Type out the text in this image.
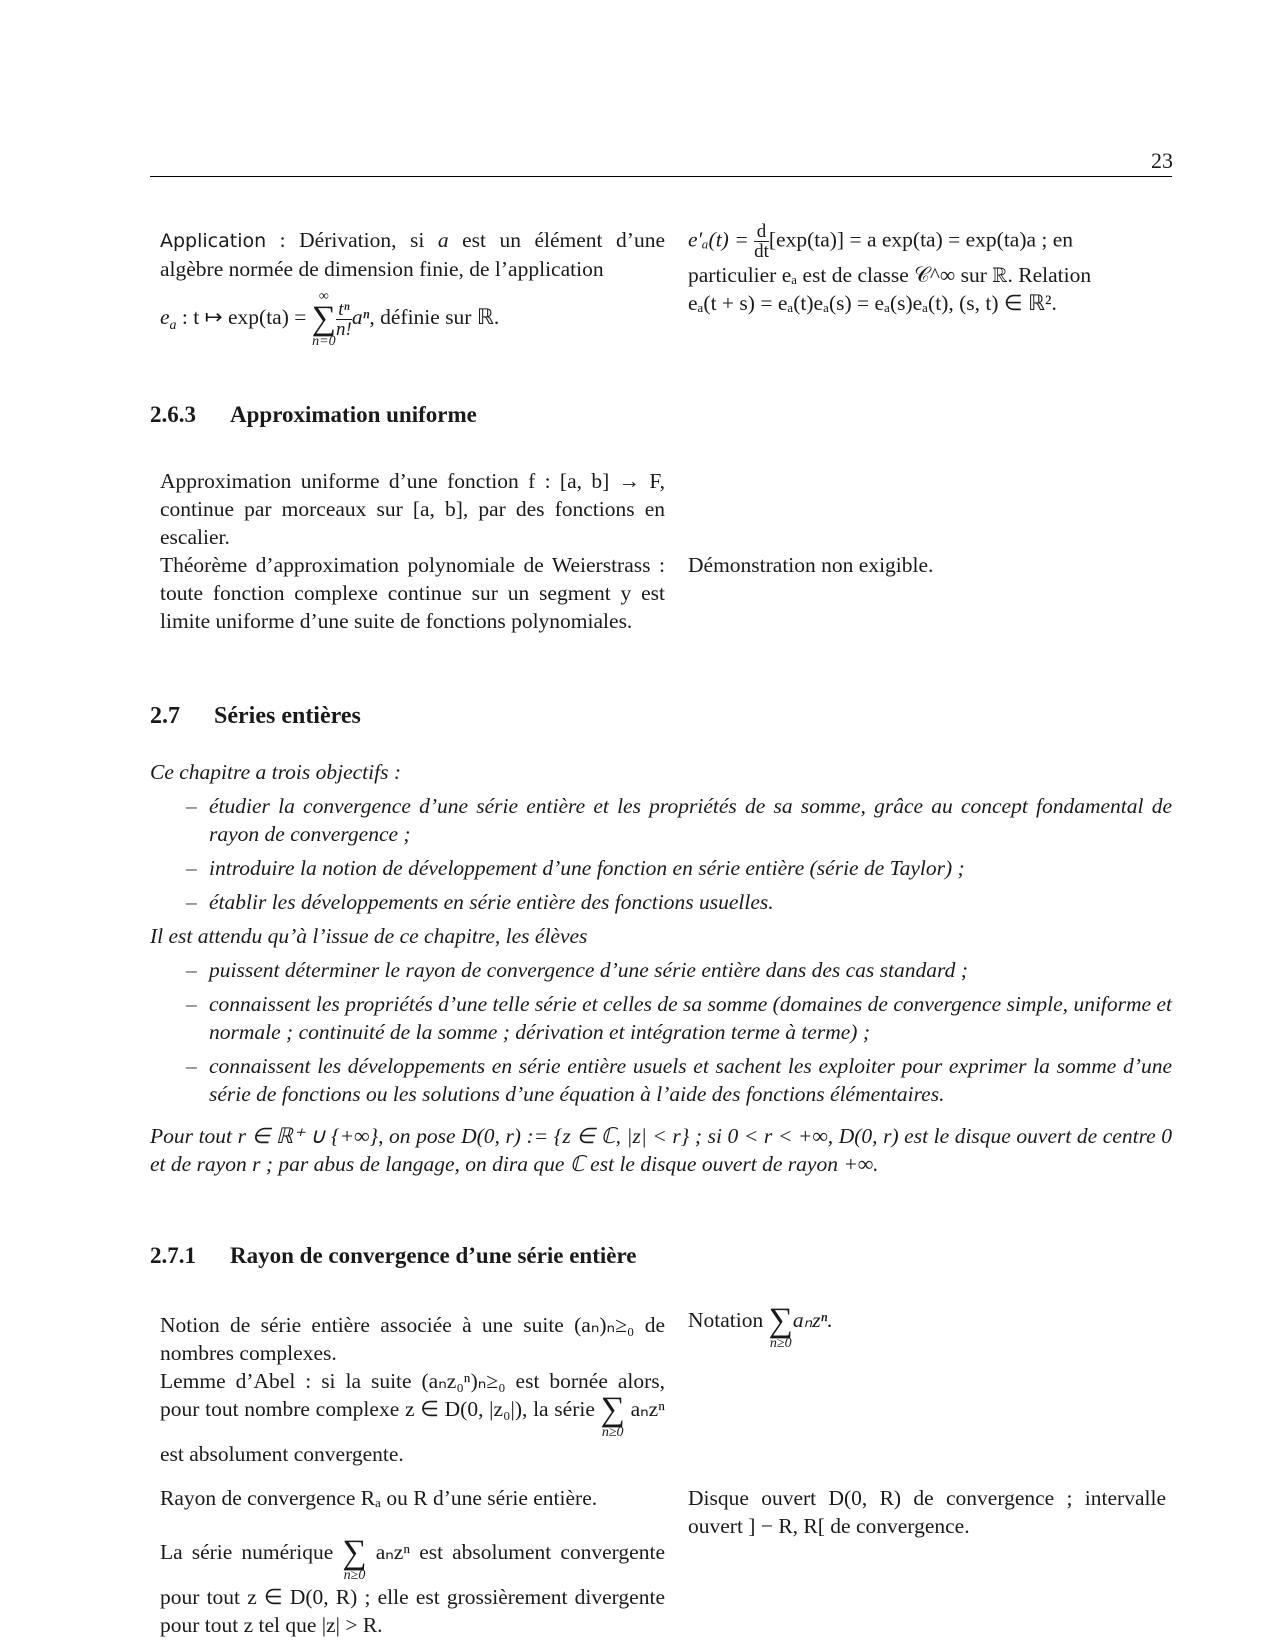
23
Application : Dérivation, si a est un élément d’une algèbre normée de dimension finie, de l’application
$e_a$ : t ↦ exp(ta) =
∞
∑
n=0
$\frac{\text{tⁿ}}{n!} a^n$, définie sur ℝ.
$e'_a(t) = \frac{d}{dt} [\exp(ta)] = a$ exp(ta) = exp(ta)a ; en
particulier eₐ est de classe 𝒞^∞ sur ℝ. Relation
eₐ(t + s) = eₐ(t)eₐ(s) = eₐ(s)eₐ(t), (s, t) ∈ ℝ².
2.6.3 Approximation uniforme
Approximation uniforme d’une fonction f : [a, b] → F, continue par morceaux sur [a, b], par des fonctions en escalier.
Théorème d’approximation polynomiale de Weierstrass : toute fonction complexe continue sur un segment y est limite uniforme d’une suite de fonctions polynomiales.
Démonstration non exigible.
2.7 Séries entières
Ce chapitre a trois objectifs :
– étudier la convergence d’une série entière et les propriétés de sa somme, grâce au concept fondamental de rayon de convergence ;
– introduire la notion de développement d’une fonction en série entière (série de Taylor) ;
– établir les développements en série entière des fonctions usuelles.
Il est attendu qu’à l’issue de ce chapitre, les élèves
– puissent déterminer le rayon de convergence d’une série entière dans des cas standard ;
– connaissent les propriétés d’une telle série et celles de sa somme (domaines de convergence simple, uniforme et normale ; continuité de la somme ; dérivation et intégration terme à terme) ;
– connaissent les développements en série entière usuels et sachent les exploiter pour exprimer la somme d’une série de fonctions ou les solutions d’une équation à l’aide des fonctions élémentaires.
Pour tout r ∈ ℝ⁺ ∪ {+∞}, on pose D(0, r) := {z ∈ ℂ, |z| < r} ; si 0 < r < +∞, D(0, r) est le disque ouvert de centre 0 et de rayon r ; par abus de langage, on dira que ℂ est le disque ouvert de rayon +∞.
2.7.1 Rayon de convergence d’une série entière
Notion de série entière associée à une suite (aₙ)ₙ≥₀ de nombres complexes.
Notation ∑
n≥0
aₙzⁿ.
Lemme d’Abel : si la suite (aₙz₀ⁿ)ₙ≥₀ est bornée alors, pour tout nombre complexe z ∈ D(0, |z₀|), la série ∑
n≥0
aₙzⁿ est absolument convergente.
Rayon de convergence Rₐ ou R d’une série entière.	Disque ouvert D(0, R) de convergence ; intervalle ouvert ] − R, R[ de convergence.
La série numérique ∑
n≥0
aₙzⁿ est absolument convergente pour tout z ∈ D(0, R) ; elle est grossièrement divergente pour tout z tel que |z| > R.
